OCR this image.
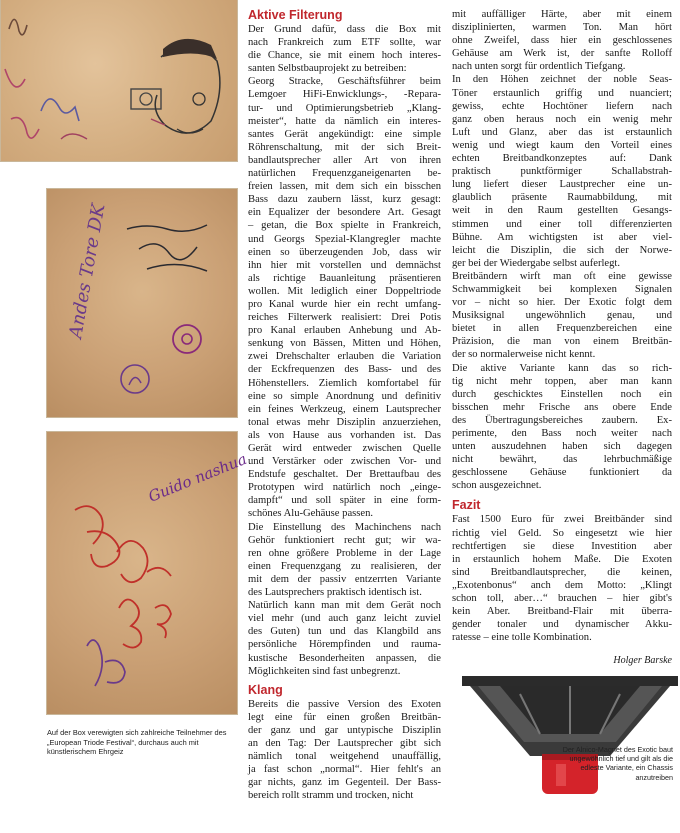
Andes Tore DK
Guido nashua
Auf der Box verewigten sich zahlreiche Teilnehmer des „European Triode Festival“, durchaus auch mit künstlerischem Ehrgeiz
Aktive Filterung
Der Grund dafür, dass die Box mit
nach Frankreich zum ETF sollte, war
die Chance, sie mit einem hoch interes-
santen Selbstbauprojekt zu betreiben:
Georg Stracke, Geschäftsführer beim
Lemgoer HiFi-Enwicklungs-, -Repara-
tur- und Optimierungsbetrieb „Klang-
meister“, hatte da nämlich ein interes-
santes Gerät angekündigt: eine simple
Röhrenschaltung, mit der sich Breit-
bandlautsprecher aller Art von ihren
natürlichen Frequenzganeigenarten be-
freien lassen, mit dem sich ein bisschen
Bass dazu zaubern lässt, kurz gesagt:
ein Equalizer der besondere Art. Gesagt
– getan, die Box spielte in Frankreich,
und Georgs Spezial-Klangregler machte
einen so überzeugenden Job, dass wir
ihn hier mit vorstellen und demnächst
als richtige Bauanleitung präsentieren
wollen. Mit lediglich einer Doppeltriode
pro Kanal wurde hier ein recht umfang-
reiches Filterwerk realisiert: Drei Potis
pro Kanal erlauben Anhebung und Ab-
senkung von Bässen, Mitten und Höhen,
zwei Drehschalter erlauben die Variation
der Eckfrequenzen des Bass- und des
Höhenstellers. Ziemlich komfortabel für
eine so simple Anordnung und definitiv
ein feines Werkzeug, einem Lautsprecher
tonal etwas mehr Disziplin anzuerziehen,
als von Hause aus vorhanden ist. Das
Gerät wird entweder zwischen Quelle
und Verstärker oder zwischen Vor- und
Endstufe geschaltet. Der Brettaufbau des
Prototypen wird natürlich noch „einge-
dampft“ und soll später in eine form-
schönes Alu-Gehäuse passen.
Die Einstellung des Machinchens nach
Gehör funktioniert recht gut; wir wa-
ren ohne größere Probleme in der Lage
einen Frequenzgang zu realisieren, der
mit dem der passiv entzerrten Variante
des Lautsprechers praktisch identisch ist.
Natürlich kann man mit dem Gerät noch
viel mehr (und auch ganz leicht zuviel
des Guten) tun und das Klangbild ans
persönliche Hörempfinden und rauma-
kustische Besonderheiten anpassen, die
Möglichkeiten sind fast unbegrenzt.
Klang
Bereits die passive Version des Exoten
legt eine für einen großen Breitbän-
der ganz und gar untypische Disziplin
an den Tag: Der Lautsprecher gibt sich
nämlich tonal weitgehend unauffällig,
ja fast schon „normal“. Hier fehlt's an
gar nichts, ganz im Gegenteil. Der Bass-
bereich rollt stramm und trocken, nicht
mit auffälliger Härte, aber mit einem
disziplinierten, warmen Ton. Man hört
ohne Zweifel, dass hier ein geschlossenes
Gehäuse am Werk ist, der sanfte Rolloff
nach unten sorgt für ordentlich Tiefgang.
In den Höhen zeichnet der noble Seas-
Töner erstaunlich griffig und nuanciert;
gewiss, echte Hochtöner liefern nach
ganz oben heraus noch ein wenig mehr
Luft und Glanz, aber das ist erstaunlich
wenig und wiegt kaum den Vorteil eines
echten Breitbandkonzeptes auf: Dank
praktisch punktförmiger Schallabstrah-
lung liefert dieser Laustprecher eine un-
glaublich präsente Raumabbildung, mit
weit in den Raum gestellten Gesangs-
stimmen und einer toll differenzierten
Bühne. Am wichtigsten ist aber viel-
leicht die Disziplin, die sich der Norwe-
ger bei der Wiedergabe selbst auferlegt.
Breitbändern wirft man oft eine gewisse
Schwammigkeit bei komplexen Signalen
vor – nicht so hier. Der Exotic folgt dem
Musiksignal ungewöhnlich genau, und
bietet in allen Frequenzbereichen eine
Präzision, die man von einem Breitbän-
der so normalerweise nicht kennt.
Die aktive Variante kann das so rich-
tig nicht mehr toppen, aber man kann
durch geschicktes Einstellen noch ein
bisschen mehr Frische ans obere Ende
des Übertragungsbereiches zaubern. Ex-
perimente, den Bass noch weiter nach
unten auszudehnen haben sich dagegen
nicht bewährt, das lehrbuchmäßige
geschlossene Gehäuse funktioniert da
schon ausgezeichnet.
Fazit
Fast 1500 Euro für zwei Breitbänder sind
richtig viel Geld. So eingesetzt wie hier
rechtfertigen sie diese Investition aber
in erstaunlich hohem Maße. Die Exoten
sind Breitbandlautsprecher, die keinen,
„Exotenbonus“ anch dem Motto: „Klingt
schon toll, aber…“ brauchen – hier gibt's
kein Aber. Breitband-Flair mit überra-
gender tonaler und dynamischer Akku-
ratesse – eine tolle Kombination.
Holger Barske
Der Alnico-Magnet des Exotic baut ungewöhnlich tief und gilt als die edleste Variante, ein Chassis anzutreiben
